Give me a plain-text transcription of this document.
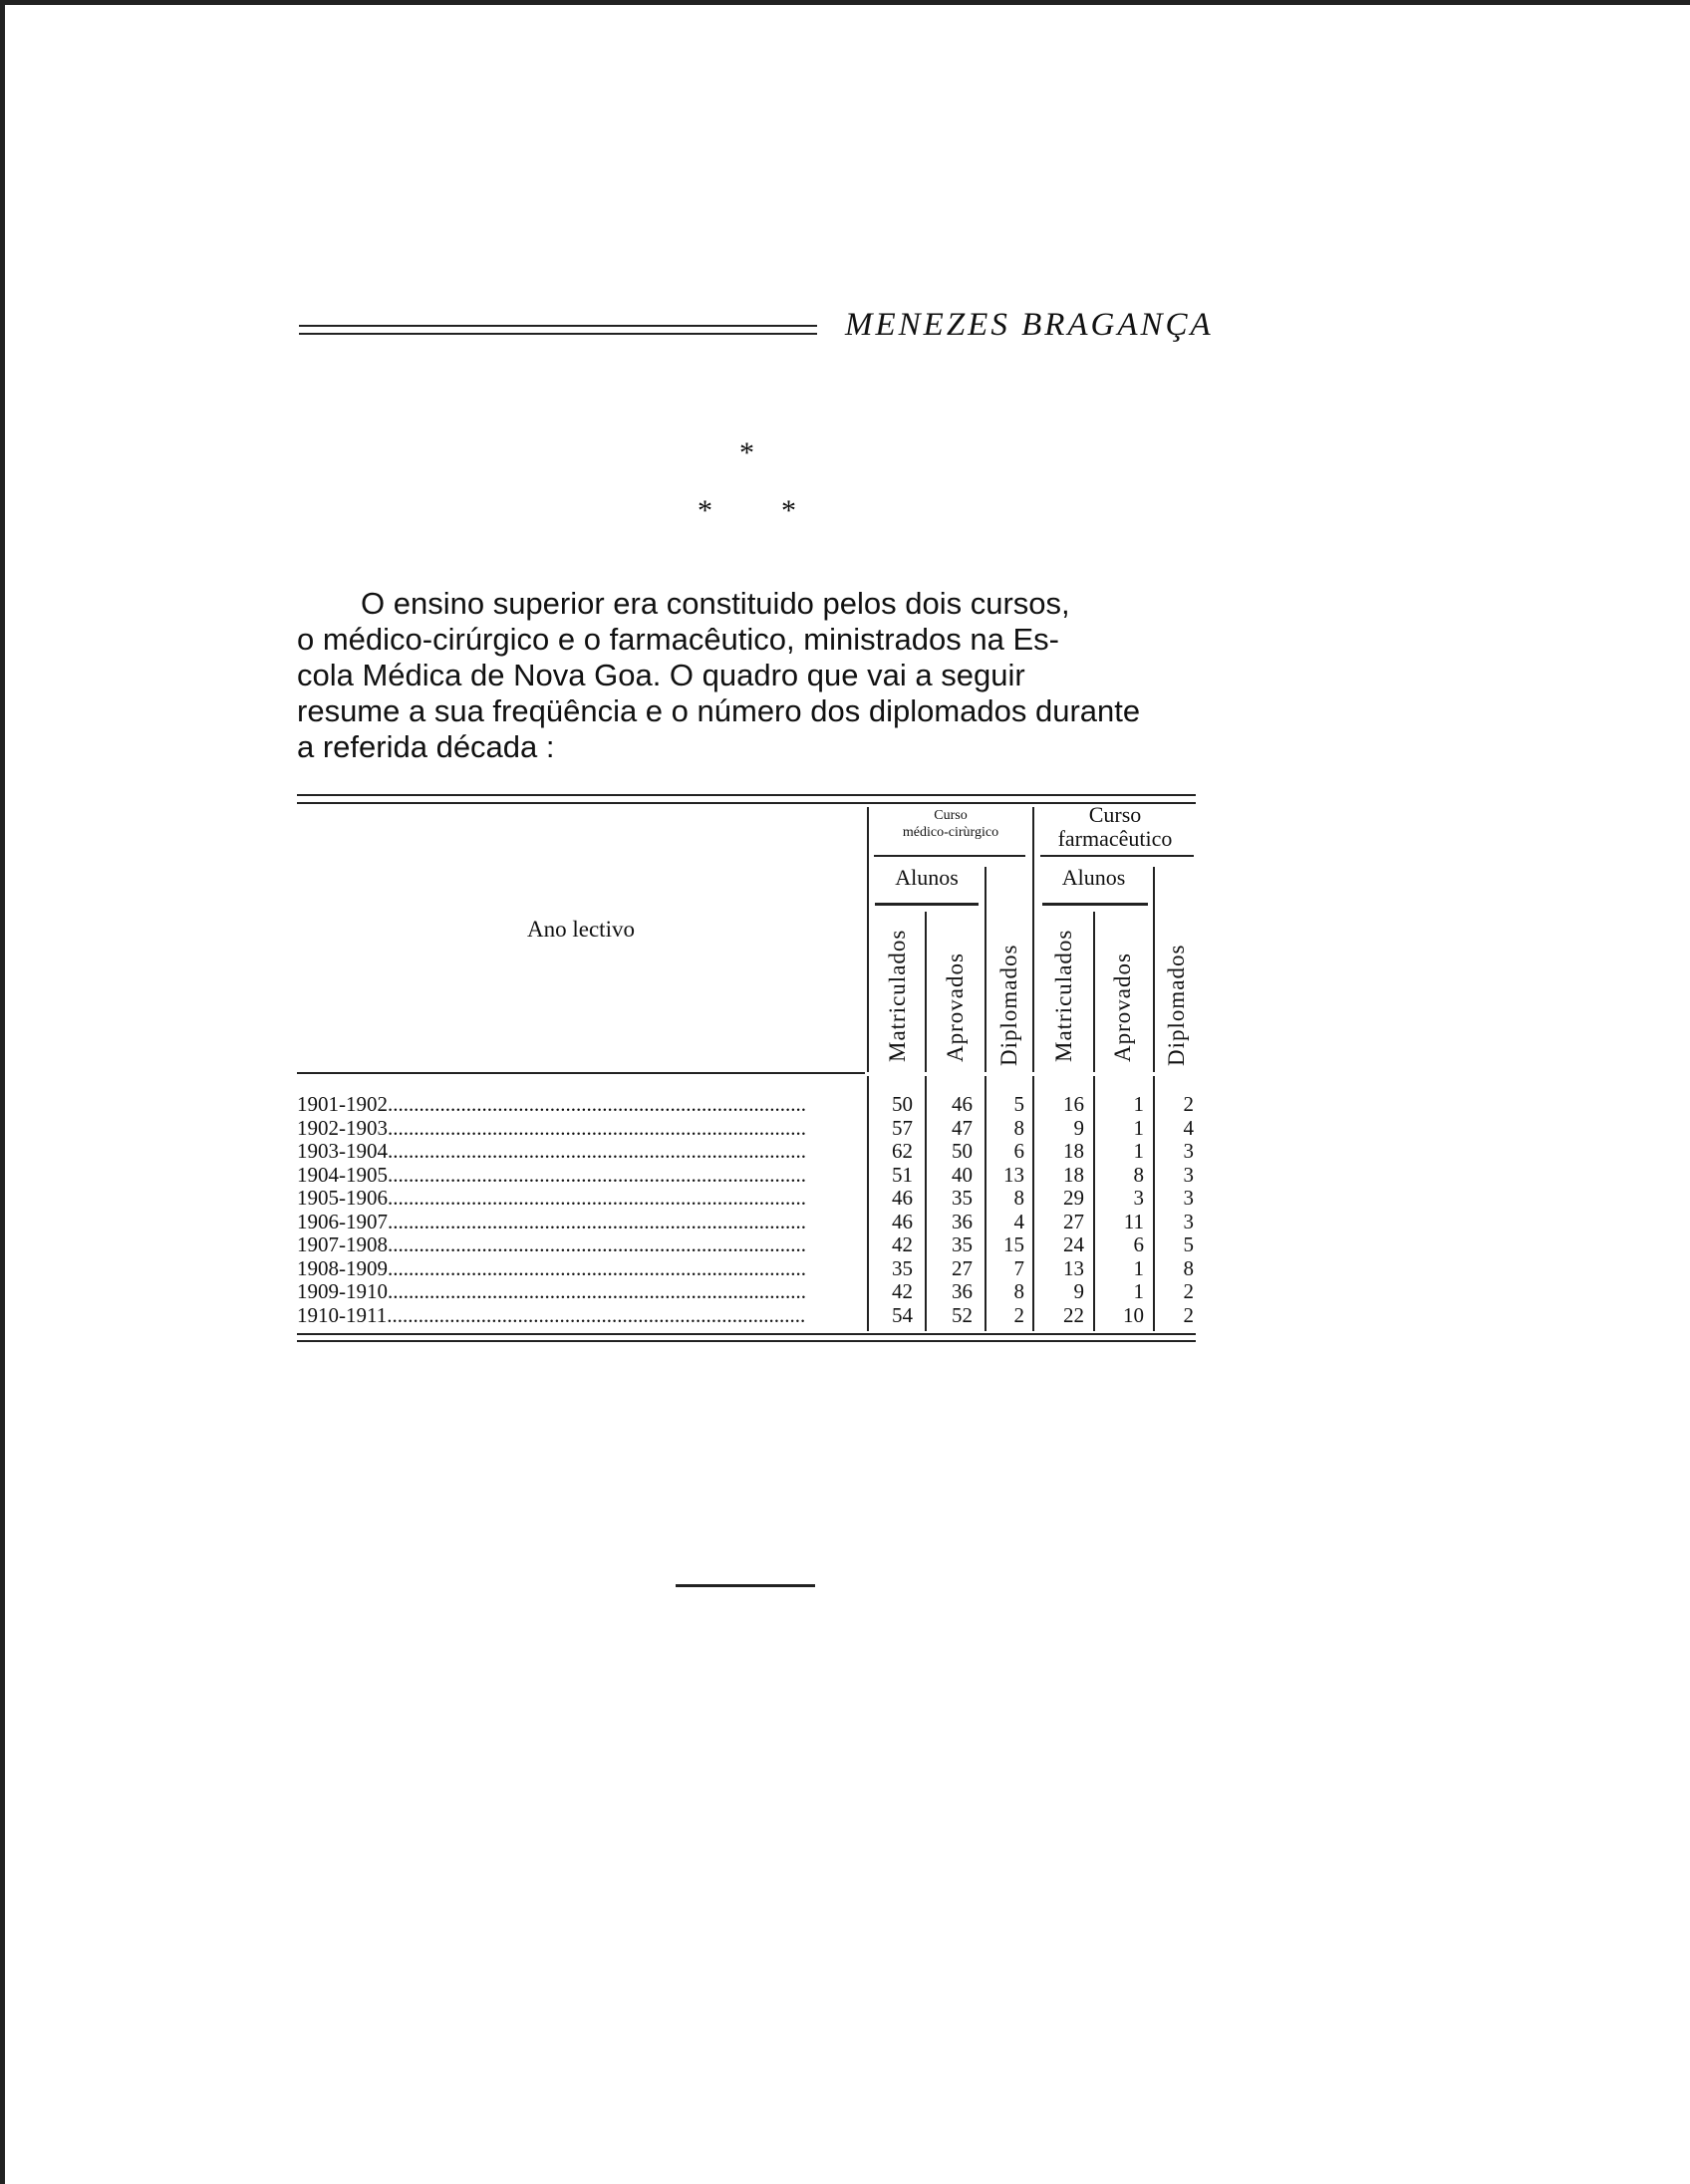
MENEZES BRAGANÇA
*
* *
O ensino superior era constituido pelos dois cursos,
o médico-cirúrgico e o farmacêutico, ministrados na Es-
cola Médica de Nova Goa. O quadro que vai a seguir
resume a sua freqüência e o número dos diplomados durante
a referida década :
Ano lectivo
Curso
médico-cirùrgico
Curso
farmacêutico
Alunos	Alunos
Matriculados Aprovados Diplomados Matriculados Aprovados Diplomados
1901-1902................................................................................	50 46 5 16 1 2
1902-1903................................................................................	57 47 8 9 1 4
1903-1904................................................................................	62 50 6 18 1 3
1904-1905................................................................................	51 40 13 18 8 3
1905-1906................................................................................	46 35 8 29 3 3
1906-1907................................................................................	46 36 4 27 11 3
1907-1908................................................................................	42 35 15 24 6 5
1908-1909................................................................................	35 27 7 13 1 8
1909-1910................................................................................	42 36 8 9 1 2
1910-1911................................................................................	54 52 2 22 10 2
